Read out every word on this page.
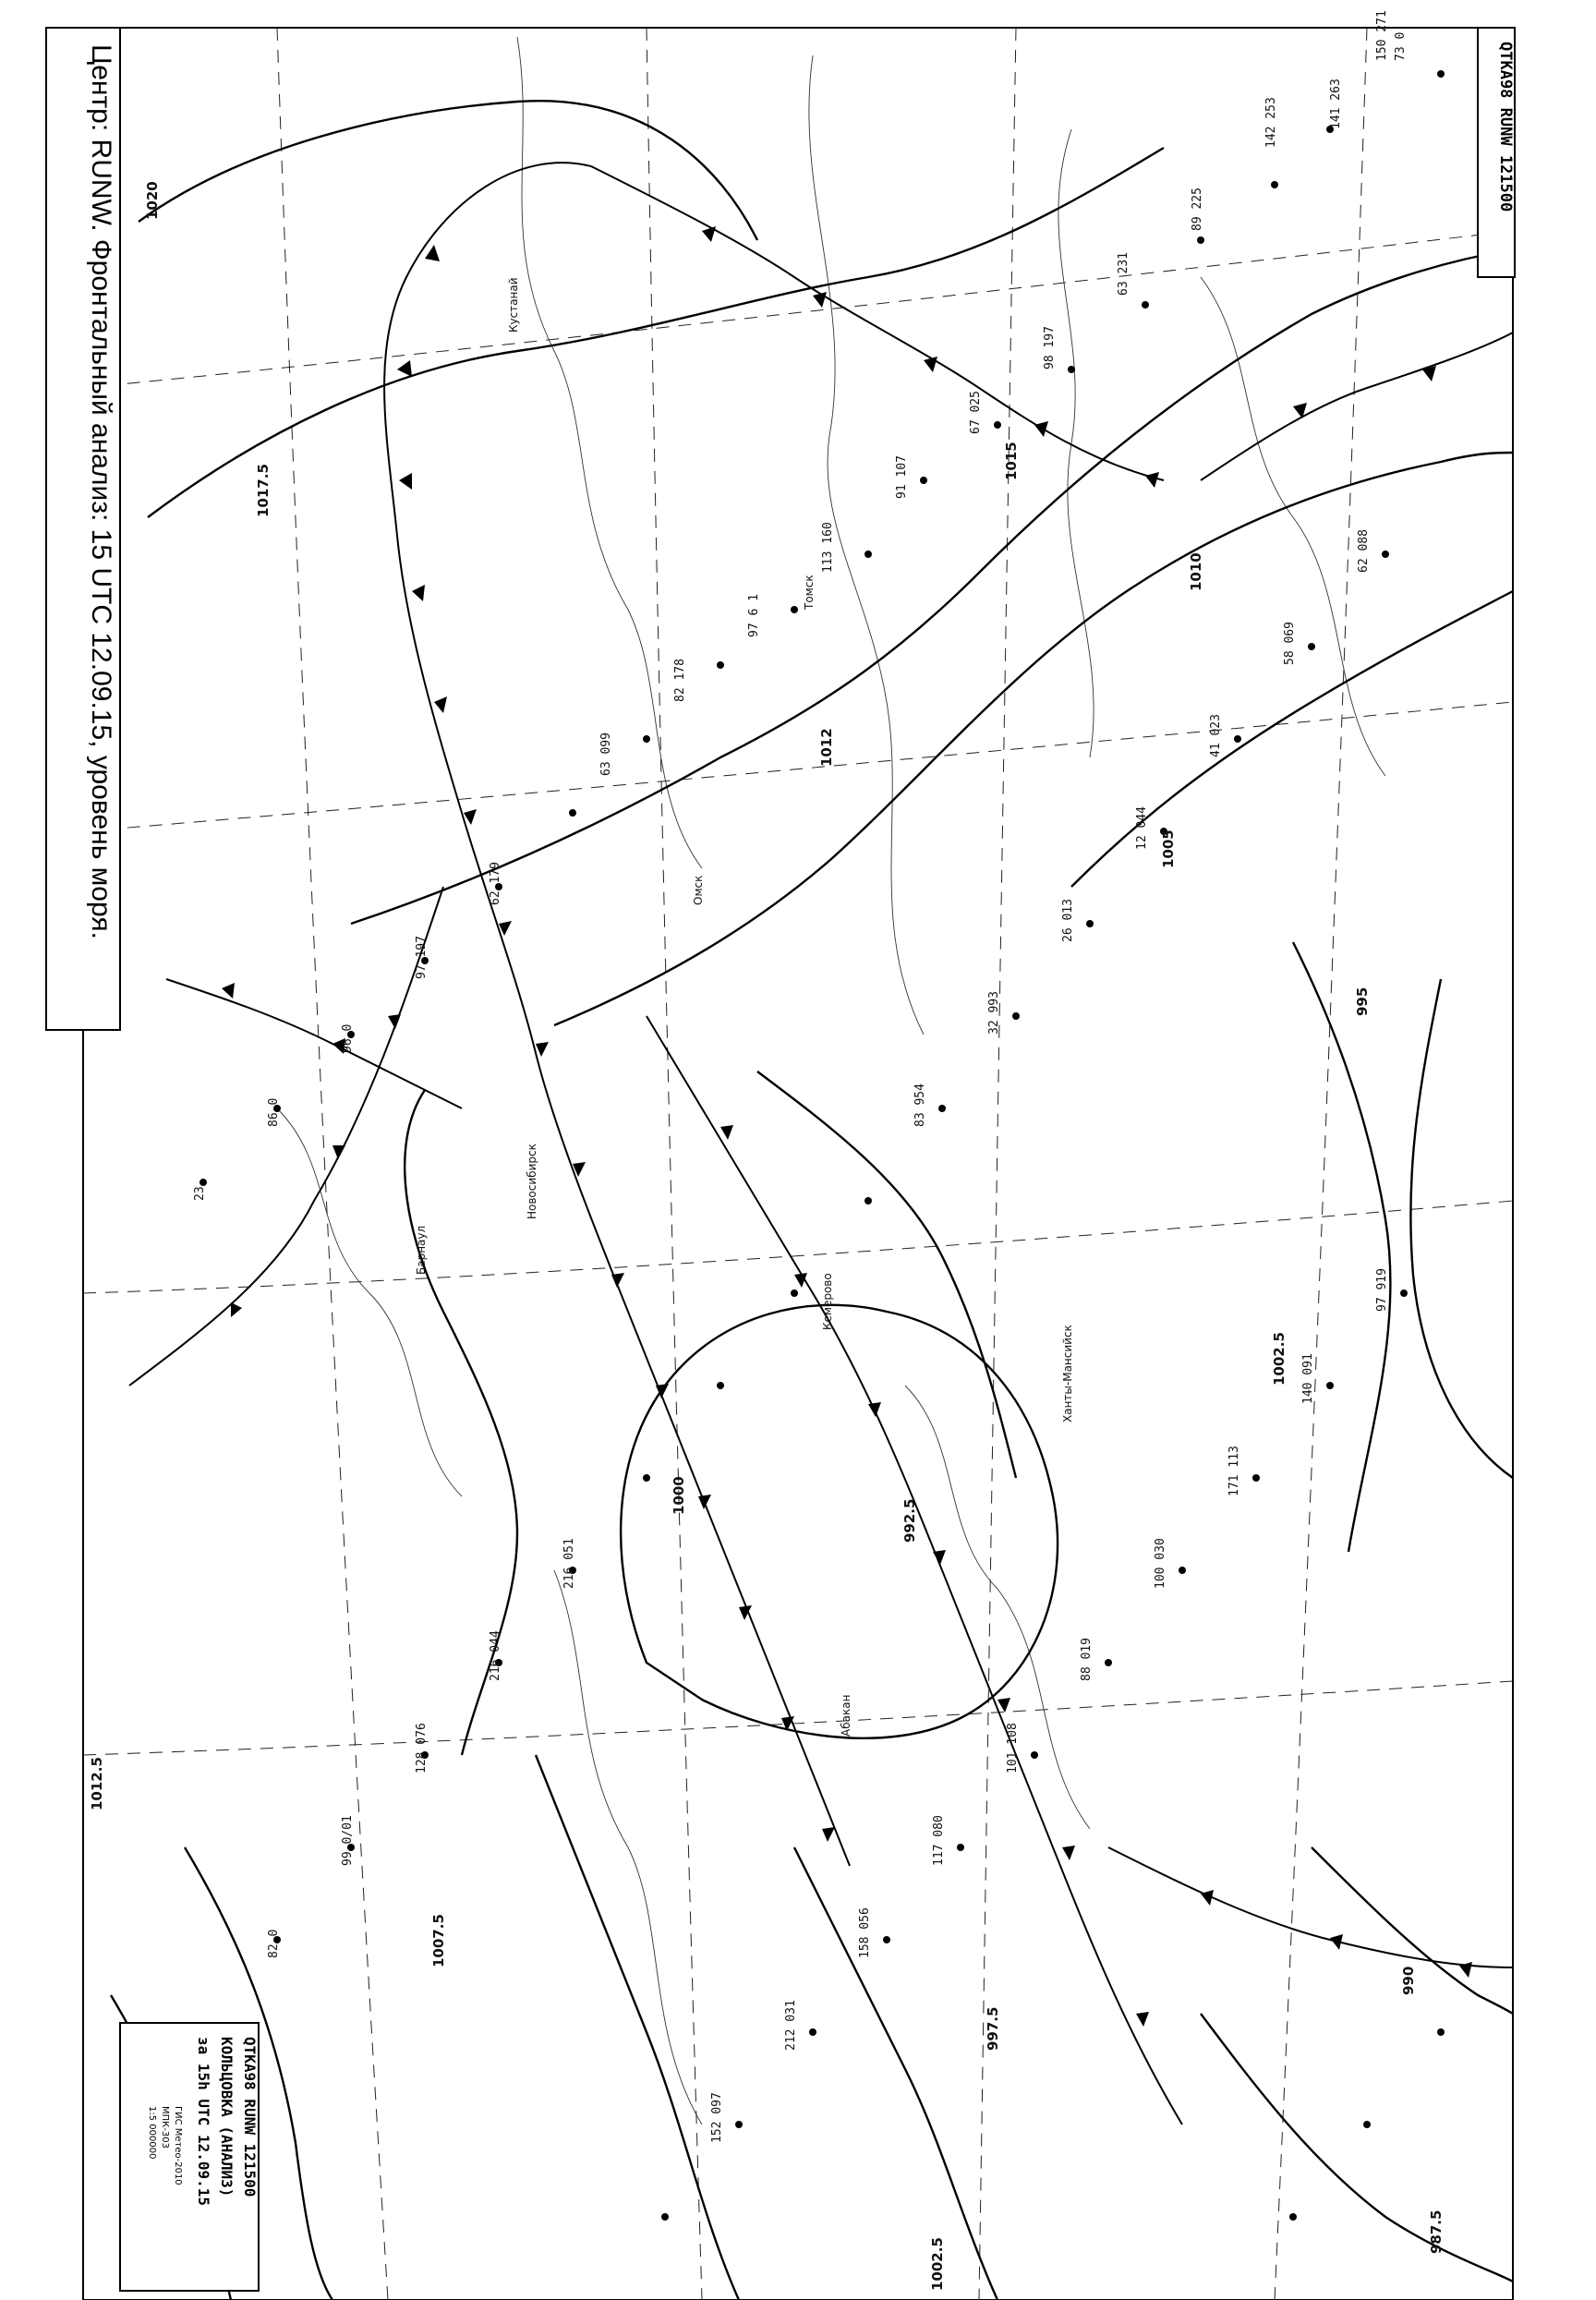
150 271 73 0
141 263
142 253
89 225
63 231
98 197
67 025
91 107
113 160
97 6 1
82 178
63 099
62 088
58 069
41 023
12 044
26 013
32 993
83 954
97 919
140 091
171 113
100 030
88 019
101 108
117 080
158 056
212 031
152 097
216 051
216 044
128 076
99 0/01
82 0
96 0
86 0
23
62 179
97 197
Кустанай
Омск
Новосибирск
Барнаул
Кемерово
Томск
Абакан
Ханты-Мансийск
1020
1017.5
1015
1012
1010
1005
1002.5
1000
1007.5
1012.5
997.5
992.5
990
987.5
995
1002.5
Центр: RUNW. Фронтальный анализ: 15 UTC 12.09.15, уровень моря.	QTKA98 RUNW 121500
QTKA98 RUNW 121500
КОЛЬЦОВКА (АНАЛИЗ)
за 15h UTC 12.09.15
ГИС Метео-2010
МПК-303
1:5 000000
